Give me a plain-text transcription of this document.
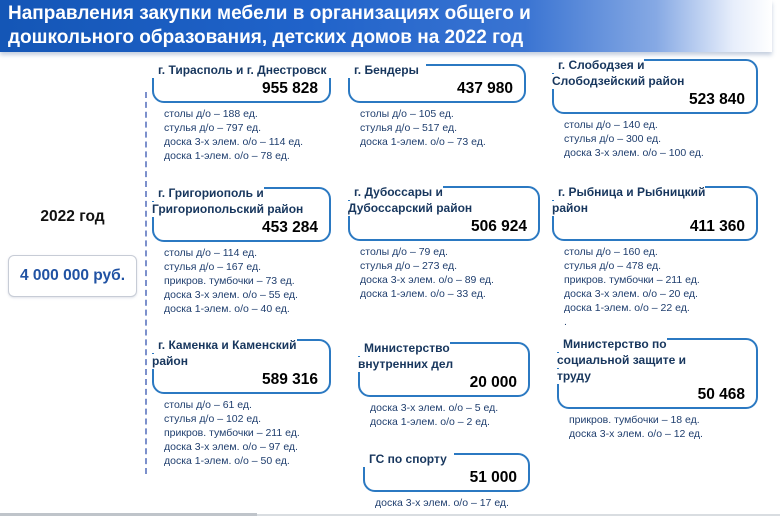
Направления закупки мебели в организациях общего и
дошкольного образования, детских домов на 2022 год
2022 год
4 000 000 руб.
г. Тирасполь и г. Днестровск
955 828
столы д/о – 188 ед.
стулья д/о – 797 ед.
доска 3-х элем. о/о – 114 ед.
доска 1-элем. о/о – 78 ед.
г. Бендеры
437 980
столы д/о – 105 ед.
стулья д/о – 517 ед.
доска 1-элем. о/о – 73 ед.
г. Слободзея и Слободзейский район
523 840
столы д/о – 140 ед.
стулья д/о – 300 ед.
доска 3-х элем. о/о – 100 ед.
г. Григориополь и Григориопольский район
453 284
столы д/о – 114 ед.
стулья д/о – 167 ед.
прикров. тумбочки – 73 ед.
доска 3-х элем. о/о – 55 ед.
доска 1-элем. о/о – 40 ед.
г. Дубоссары и Дубоссарский район
506 924
столы д/о – 79 ед.
стулья д/о – 273 ед.
доска 3-х элем. о/о – 89 ед.
доска 1-элем. о/о – 33 ед.
г. Рыбница и Рыбницкий район
411 360
столы д/о – 160 ед.
стулья д/о – 478 ед.
прикров. тумбочки – 211 ед.
доска 3-х элем. о/о – 20 ед.
доска 1-элем. о/о – 22 ед.
.
г. Каменка и Каменский район
589 316
столы д/о – 61 ед.
стулья д/о – 102 ед.
прикров. тумбочки – 211 ед.
доска 3-х элем. о/о – 97 ед.
доска 1-элем. о/о – 50 ед.
Министерство внутренних дел
20 000
доска 3-х элем. о/о – 5 ед.
доска 1-элем. о/о – 2 ед.
Министерство по социальной защите и труду
50 468
прикров. тумбочки – 18 ед.
доска 3-х элем. о/о – 12 ед.
ГС по спорту
51 000
доска 3-х элем. о/о – 17 ед.
